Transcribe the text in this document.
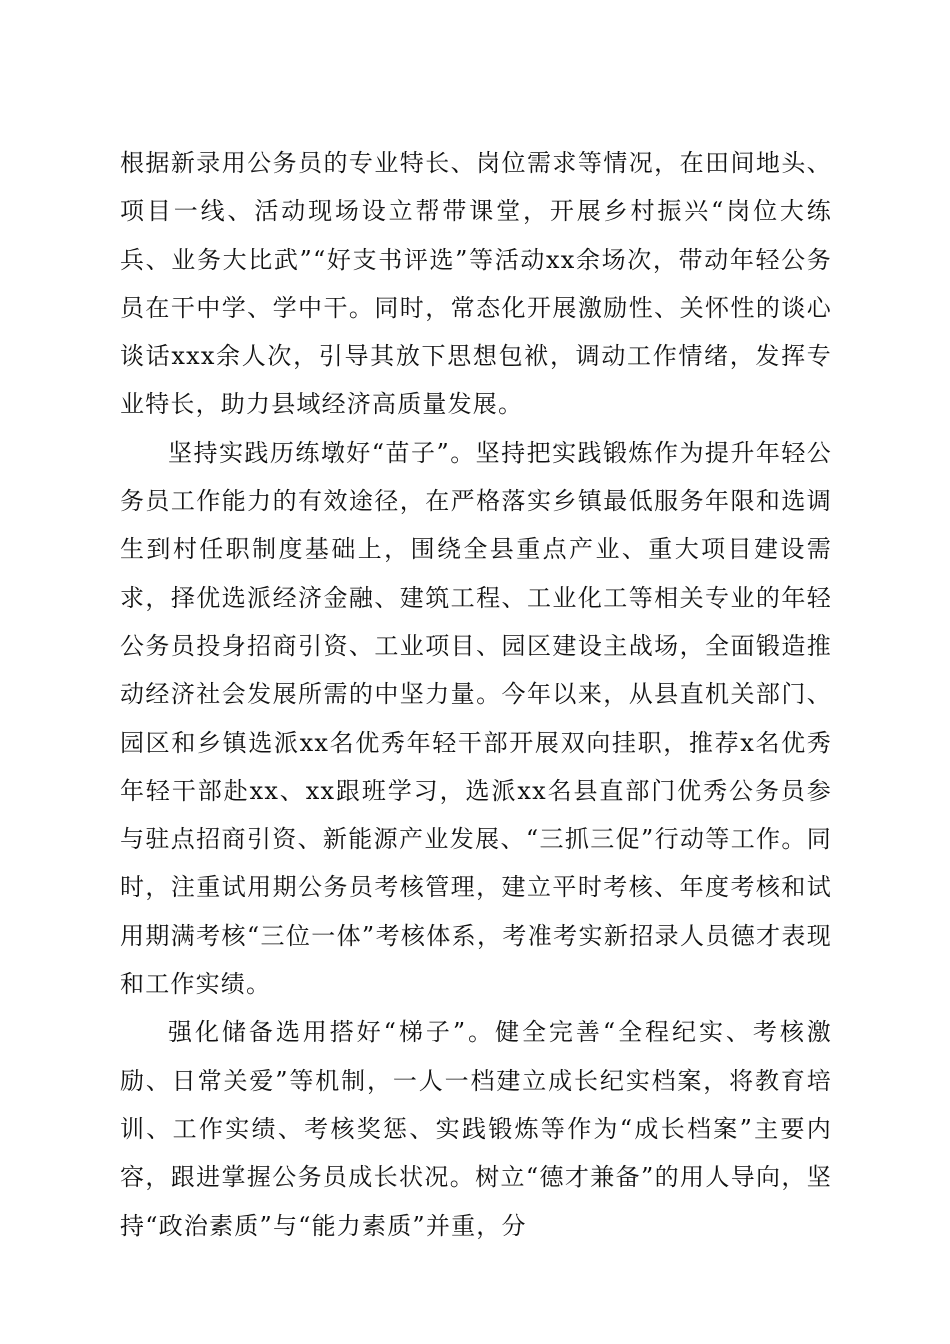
根据新录用公务员的专业特长、岗位需求等情况，在田间地头、项目一线、活动现场设立帮带课堂，开展乡村振兴“岗位大练兵、业务大比武”“好支书评选”等活动xx余场次，带动年轻公务员在干中学、学中干。同时，常态化开展激励性、关怀性的谈心谈话xxx余人次，引导其放下思想包袱，调动工作情绪，发挥专业特长，助力县域经济高质量发展。

坚持实践历练墩好“苗子”。坚持把实践锻炼作为提升年轻公务员工作能力的有效途径，在严格落实乡镇最低服务年限和选调生到村任职制度基础上，围绕全县重点产业、重大项目建设需求，择优选派经济金融、建筑工程、工业化工等相关专业的年轻公务员投身招商引资、工业项目、园区建设主战场，全面锻造推动经济社会发展所需的中坚力量。今年以来，从县直机关部门、园区和乡镇选派xx名优秀年轻干部开展双向挂职，推荐x名优秀年轻干部赴xx、xx跟班学习，选派xx名县直部门优秀公务员参与驻点招商引资、新能源产业发展、“三抓三促”行动等工作。同时，注重试用期公务员考核管理，建立平时考核、年度考核和试用期满考核“三位一体”考核体系，考准考实新招录人员德才表现和工作实绩。

强化储备选用搭好“梯子”。健全完善“全程纪实、考核激励、日常关爱”等机制，一人一档建立成长纪实档案，将教育培训、工作实绩、考核奖惩、实践锻炼等作为“成长档案”主要内容，跟进掌握公务员成长状况。树立“德才兼备”的用人导向，坚持“政治素质”与“能力素质”并重，分
